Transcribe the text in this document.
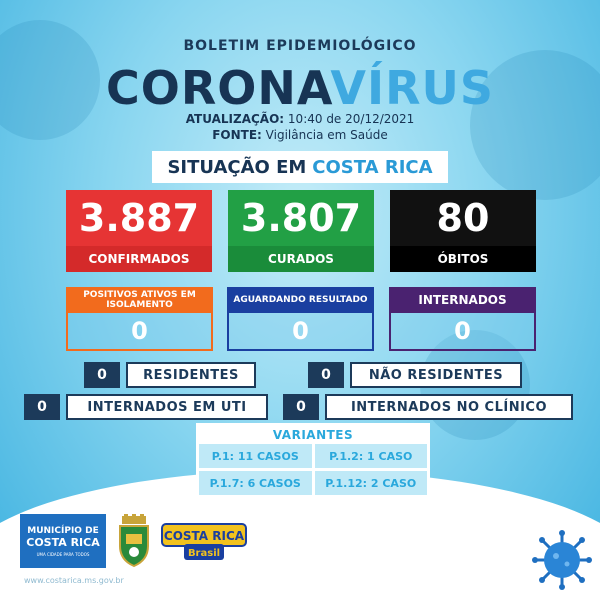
BOLETIM EPIDEMIOLÓGICO
CORONAVÍRUS
ATUALIZAÇÃO: 10:40 de 20/12/2021
FONTE: Vigilância em Saúde
SITUAÇÃO EM COSTA RICA
3.887
CONFIRMADOS
3.807
CURADOS
80
ÓBITOS
POSITIVOS ATIVOS EM ISOLAMENTO
0
AGUARDANDO RESULTADO
0
INTERNADOS
0
0	RESIDENTES	0	NÃO RESIDENTES
0	INTERNADOS EM UTI	0	INTERNADOS NO CLÍNICO
VARIANTES
P.1: 11 CASOS	P.1.2: 1 CASO
P.1.7: 6 CASOS	P.1.12: 2 CASO
MUNICÍPIO DE
COSTA RICA
UMA CIDADE PARA TODOS
COSTA RICA
Brasil
www.costarica.ms.gov.br
